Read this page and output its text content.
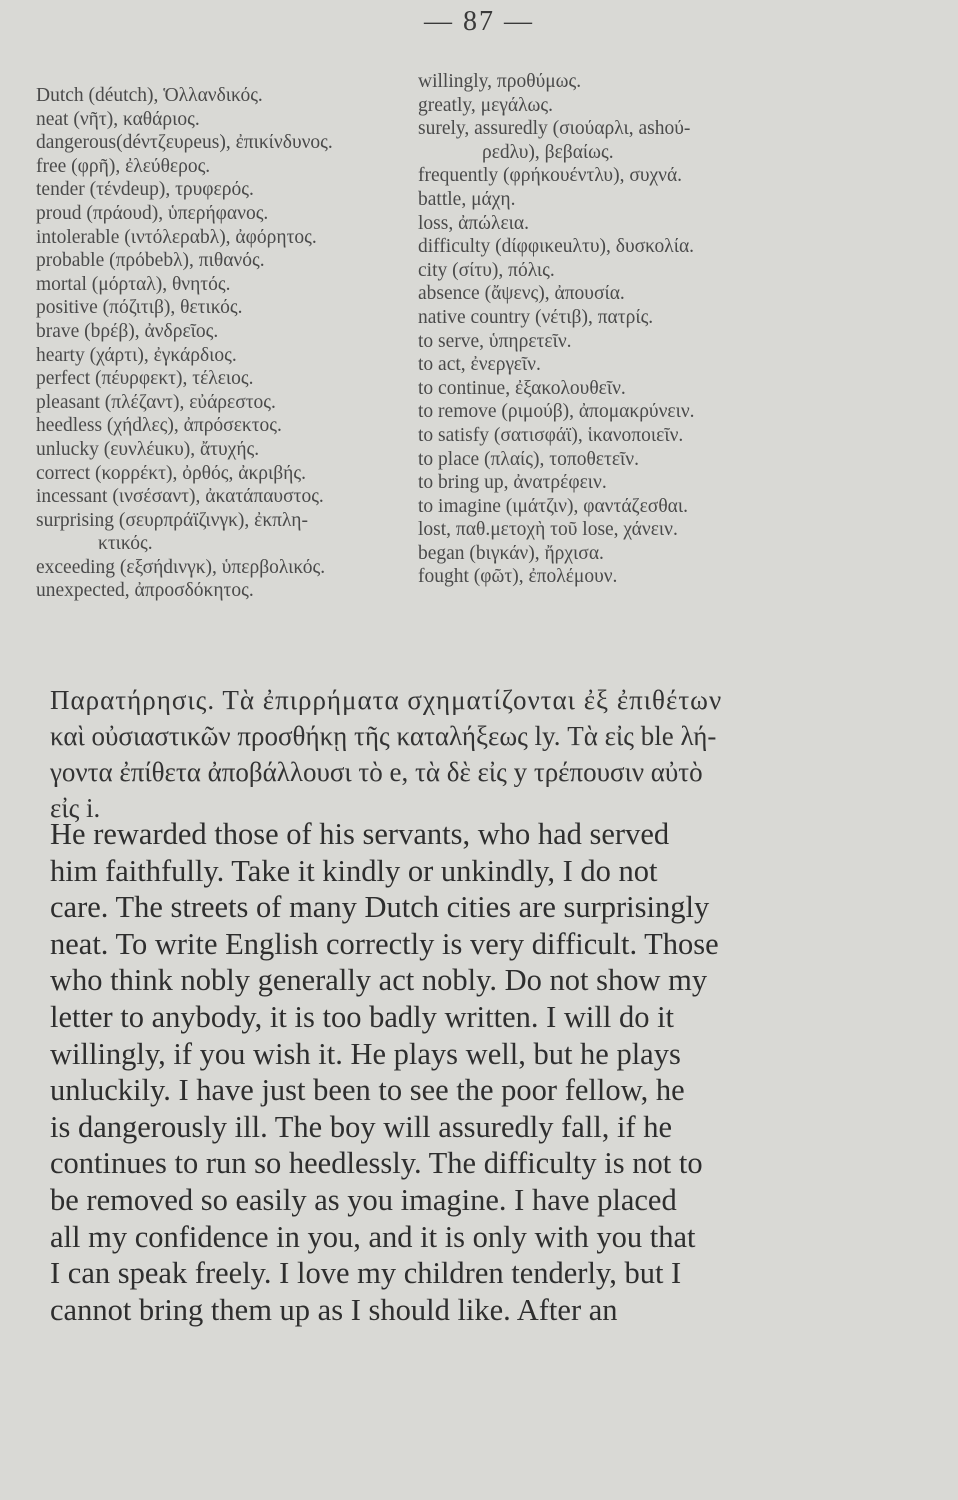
— 87 —
Dutch (déutch), Ὁλλανδικός.
neat (νῆτ), καθάριος.
dangerous(déντζευρeus), ἐπικίνδυνος.
free (φρῆ), ἐλεύθερος.
tender (τένdeup), τρυφερός.
proud (πράουd), ὑπερήφανος.
intolerable (ιντόλεραbλ), ἀφόρητος.
probable (πρόbebλ), πιθανός.
mortal (μόρταλ), θνητός.
positive (πόζιτιβ), θετικός.
brave (bρέβ), ἀνδρεῖος.
hearty (χάρτι), ἐγκάρδιος.
perfect (πέυρφεκτ), τέλειος.
pleasant (πλέζαντ), εὐάρεστος.
heedless (χήdλες), ἀπρόσεκτος.
unlucky (ευνλέuκυ), ἄτυχής.
correct (κορρέκτ), ὀρθός, ἀκριβής.
incessant (ινσέσαντ), ἀκατάπαυστος.
surprising (σευρπράϊζινγκ), ἐκπλη-
κτικός.
exceeding (εξσήdινγκ), ὑπερβολικός.
unexpected, ἀπροσδόκητος.
willingly, προθύμως.
greatly, μεγάλως.
surely, assuredly (σιούαρλι, ashoύ-
ρεdλυ), βεβαίως.
frequently (φρήκουέντλυ), συχνά.
battle, μάχη.
loss, ἀπώλεια.
difficulty (dίφφικeuλτυ), δυσκολία.
city (σίτυ), πόλις.
absence (ἄψενς), ἀπουσία.
native country (νέτιβ), πατρίς.
to serve, ὑπηρετεῖν.
to act, ἐνεργεῖν.
to continue, ἐξακολουθεῖν.
to remove (ριμούβ), ἀπομακρύνειν.
to satisfy (σατισφάϊ), ἱκανοποιεῖν.
to place (πλαίς), τοποθετεῖν.
to bring up, ἀνατρέφειν.
to imagine (ιμάτζιν), φαντάζεσθαι.
lost, παθ.μετοχὴ τοῦ lose, χάνειν.
began (bιγκάν), ἤρχισα.
fought (φῶτ), ἐπολέμουν.
Παρατήρησις. Τὰ ἐπιρρήματα σχηματίζονται ἐξ ἐπιθέτων
καὶ οὐσιαστικῶν προσθήκῃ τῆς καταλήξεως ly. Τὰ εἰς ble λή-
γοντα ἐπίθετα ἀποβάλλουσι τὸ e, τὰ δὲ εἰς y τρέπουσιν αὐτὸ
εἰς i.
He rewarded those of his servants, who had served
him faithfully. Take it kindly or unkindly, I do not
care. The streets of many Dutch cities are surprisingly
neat. To write English correctly is very difficult. Those
who think nobly generally act nobly. Do not show my
letter to anybody, it is too badly written. I will do it
willingly, if you wish it. He plays well, but he plays
unluckily. I have just been to see the poor fellow, he
is dangerously ill. The boy will assuredly fall, if he
continues to run so heedlessly. The difficulty is not to
be removed so easily as you imagine. I have placed
all my confidence in you, and it is only with you that
I can speak freely. I love my children tenderly, but I
cannot bring them up as I should like. After an
